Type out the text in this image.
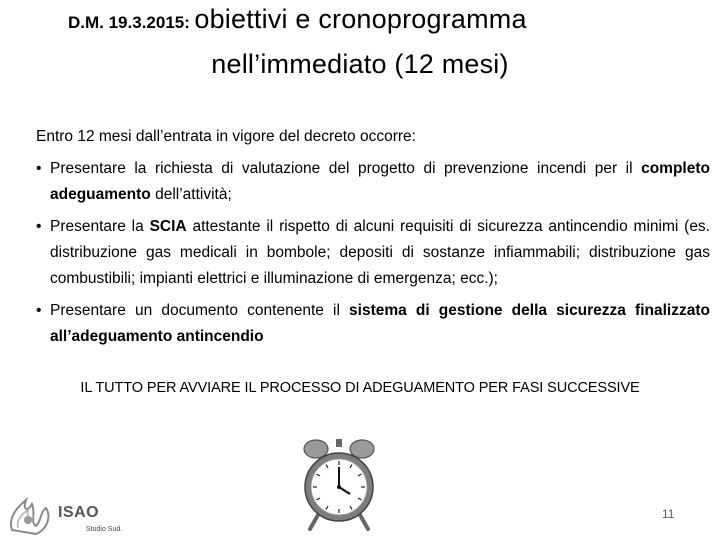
D.M. 19.3.2015: obiettivi e cronoprogramma
nell’immediato (12 mesi)

Entro 12 mesi dall’entrata in vigore del decreto occorre:

• Presentare la richiesta di valutazione del progetto di prevenzione incendi per il completo adeguamento dell’attività;
• Presentare la SCIA attestante il rispetto di alcuni requisiti di sicurezza antincendio minimi (es. distribuzione gas medicali in bombole; depositi di sostanze infiammabili; distribuzione gas combustibili; impianti elettrici e illuminazione di emergenza; ecc.);
• Presentare un documento contenente il sistema di gestione della sicurezza finalizzato all’adeguamento antincendio
IL TUTTO PER AVVIARE IL PROCESSO DI ADEGUAMENTO PER FASI SUCCESSIVE
ISAO
Studio Sud.
11
